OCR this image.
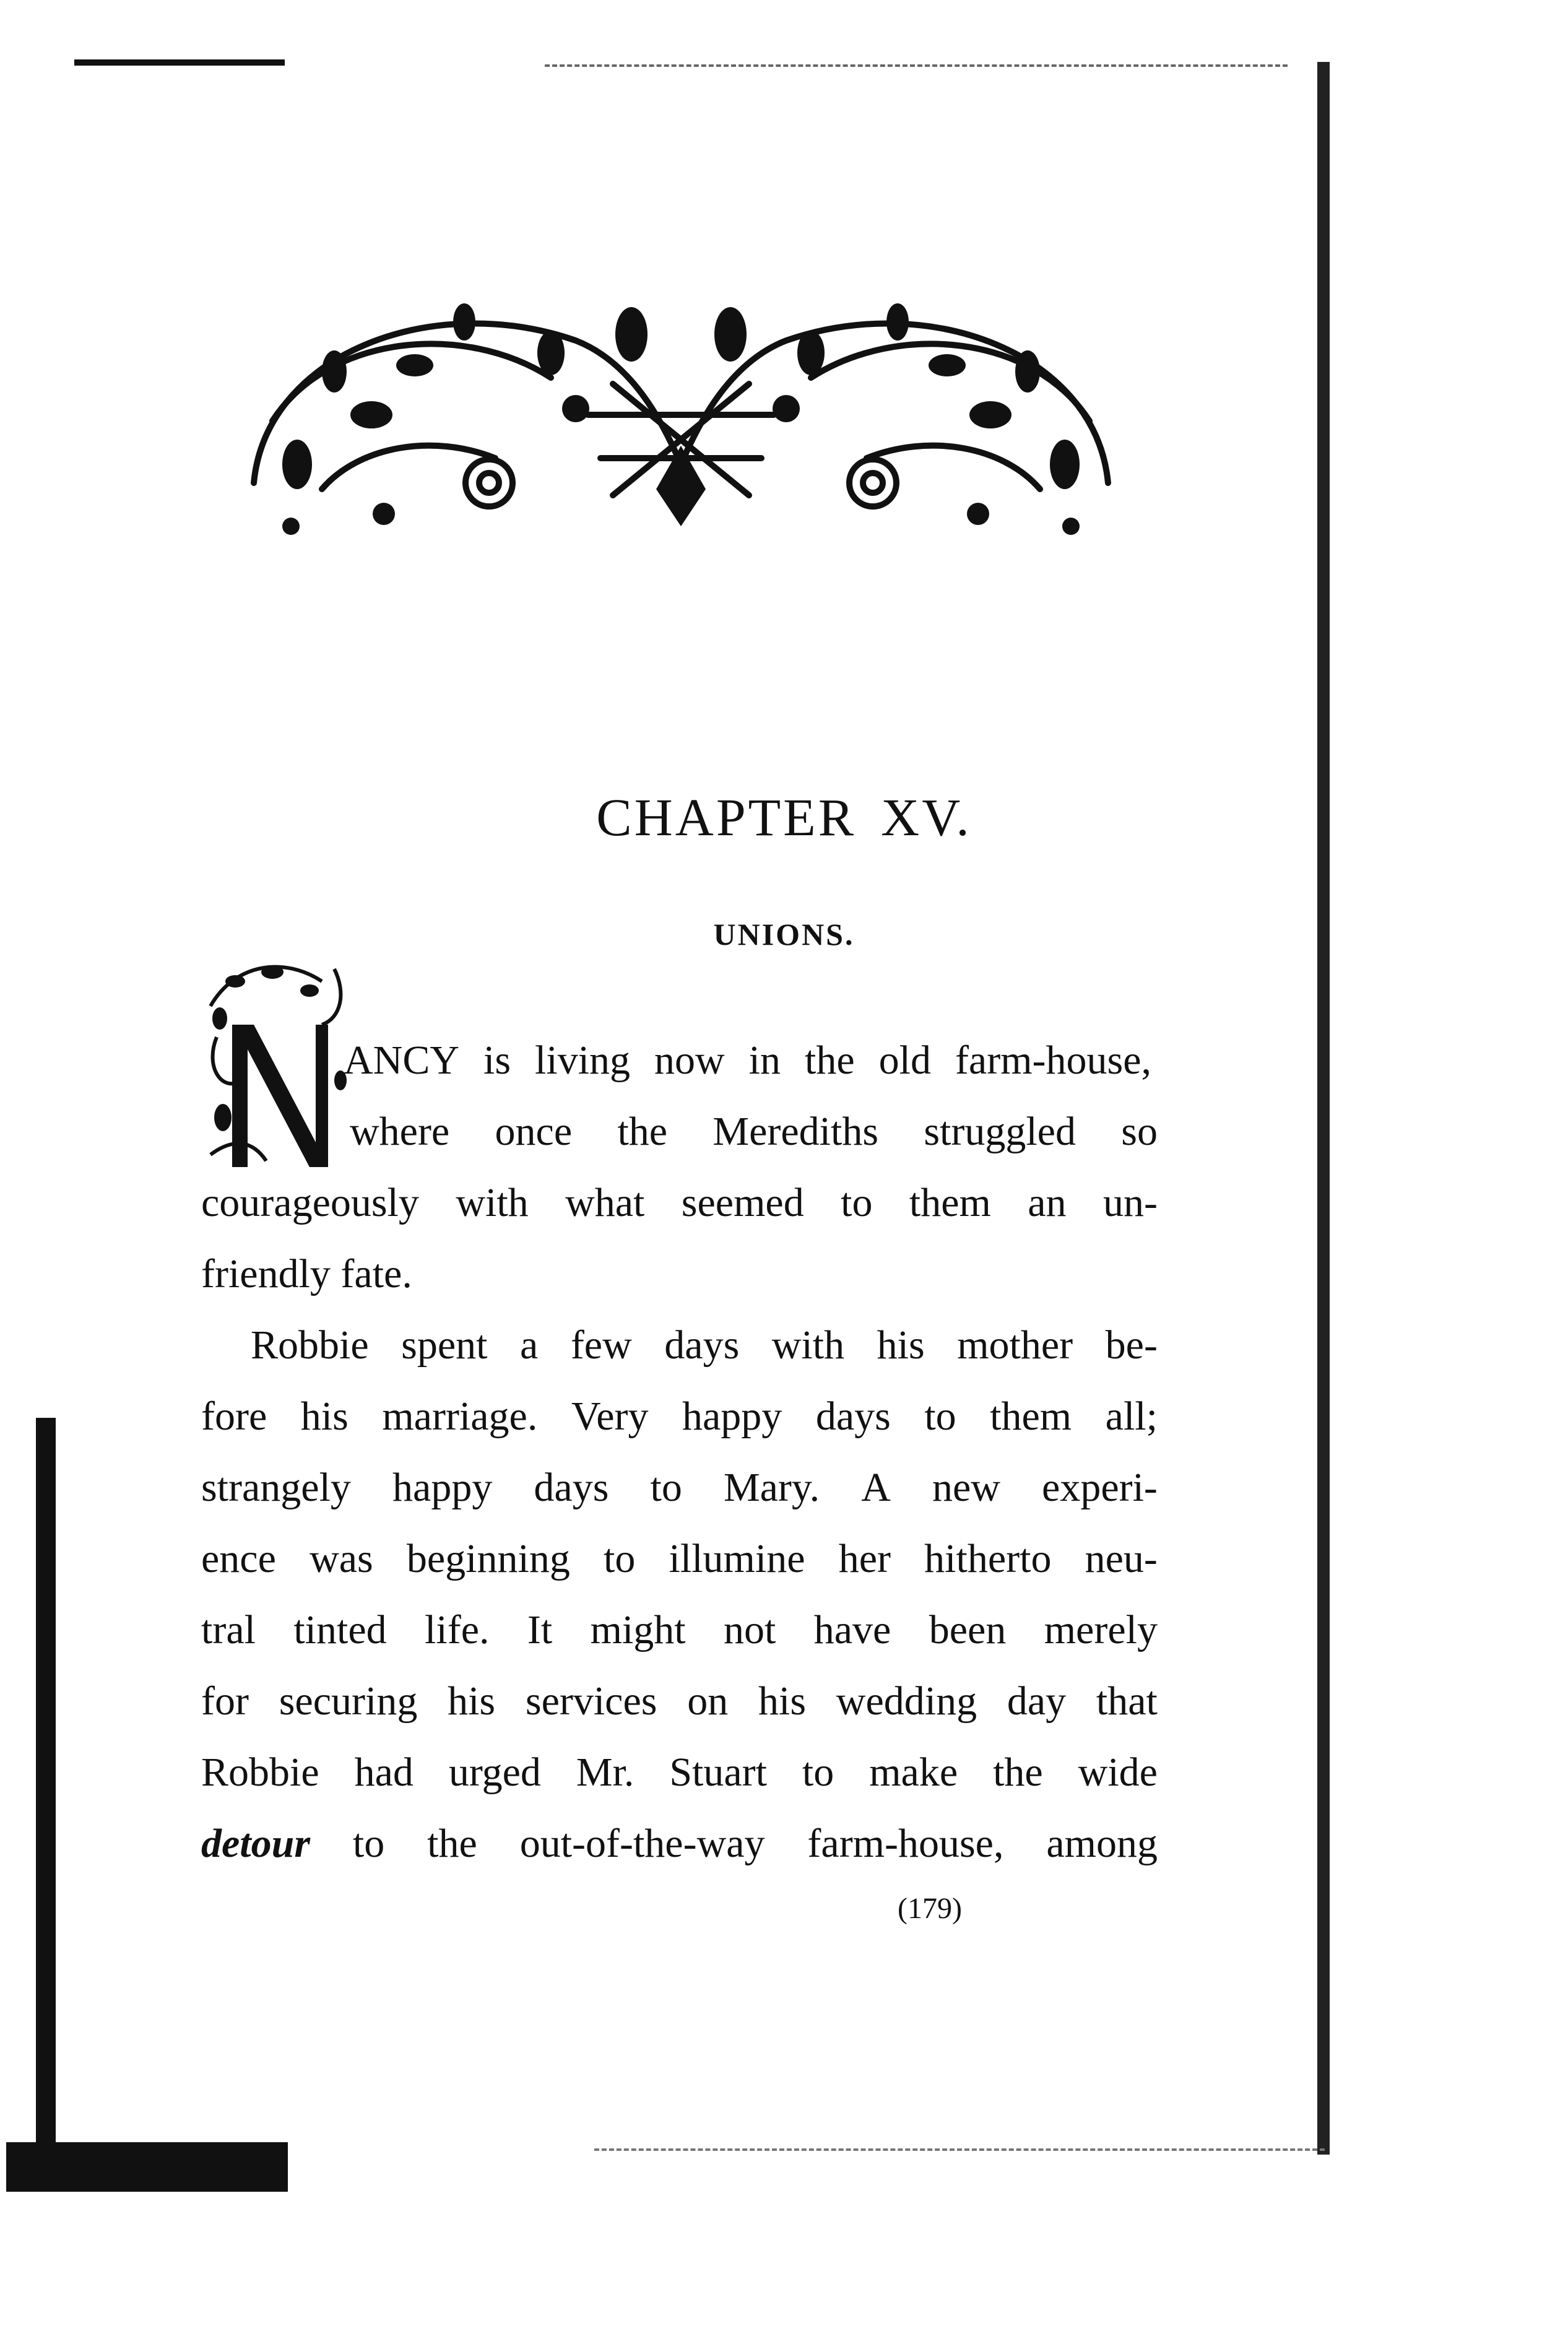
CHAPTER XV.
UNIONS.
ANCY is living now in the old farm-house,
where once the Merediths struggled so
courageously with what seemed to them an un-
friendly fate.
Robbie spent a few days with his mother be-
fore his marriage. Very happy days to them all;
strangely happy days to Mary. A new experi-
ence was beginning to illumine her hitherto neu-
tral tinted life. It might not have been merely
for securing his services on his wedding day that
Robbie had urged Mr. Stuart to make the wide
detour to the out-of-the-way farm-house, among
(179)
